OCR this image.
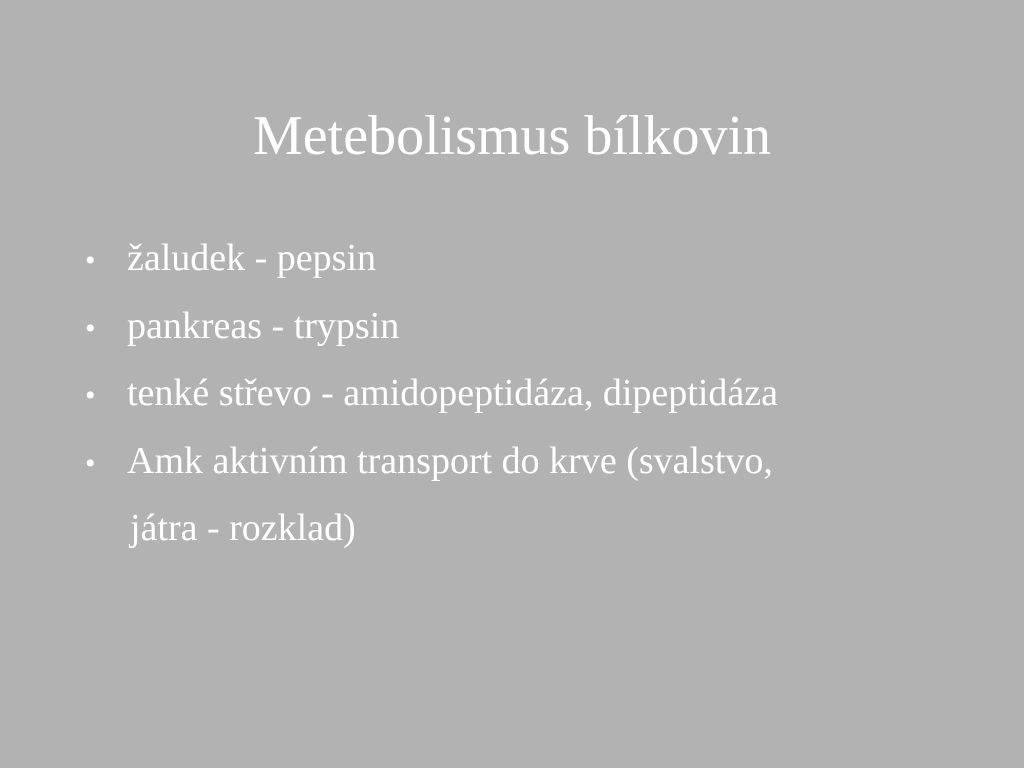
Metebolismus bílkovin
• žaludek - pepsin
• pankreas - trypsin
• tenké střevo - amidopeptidáza, dipeptidáza
• Amk aktivním transport do krve (svalstvo,
játra - rozklad)
